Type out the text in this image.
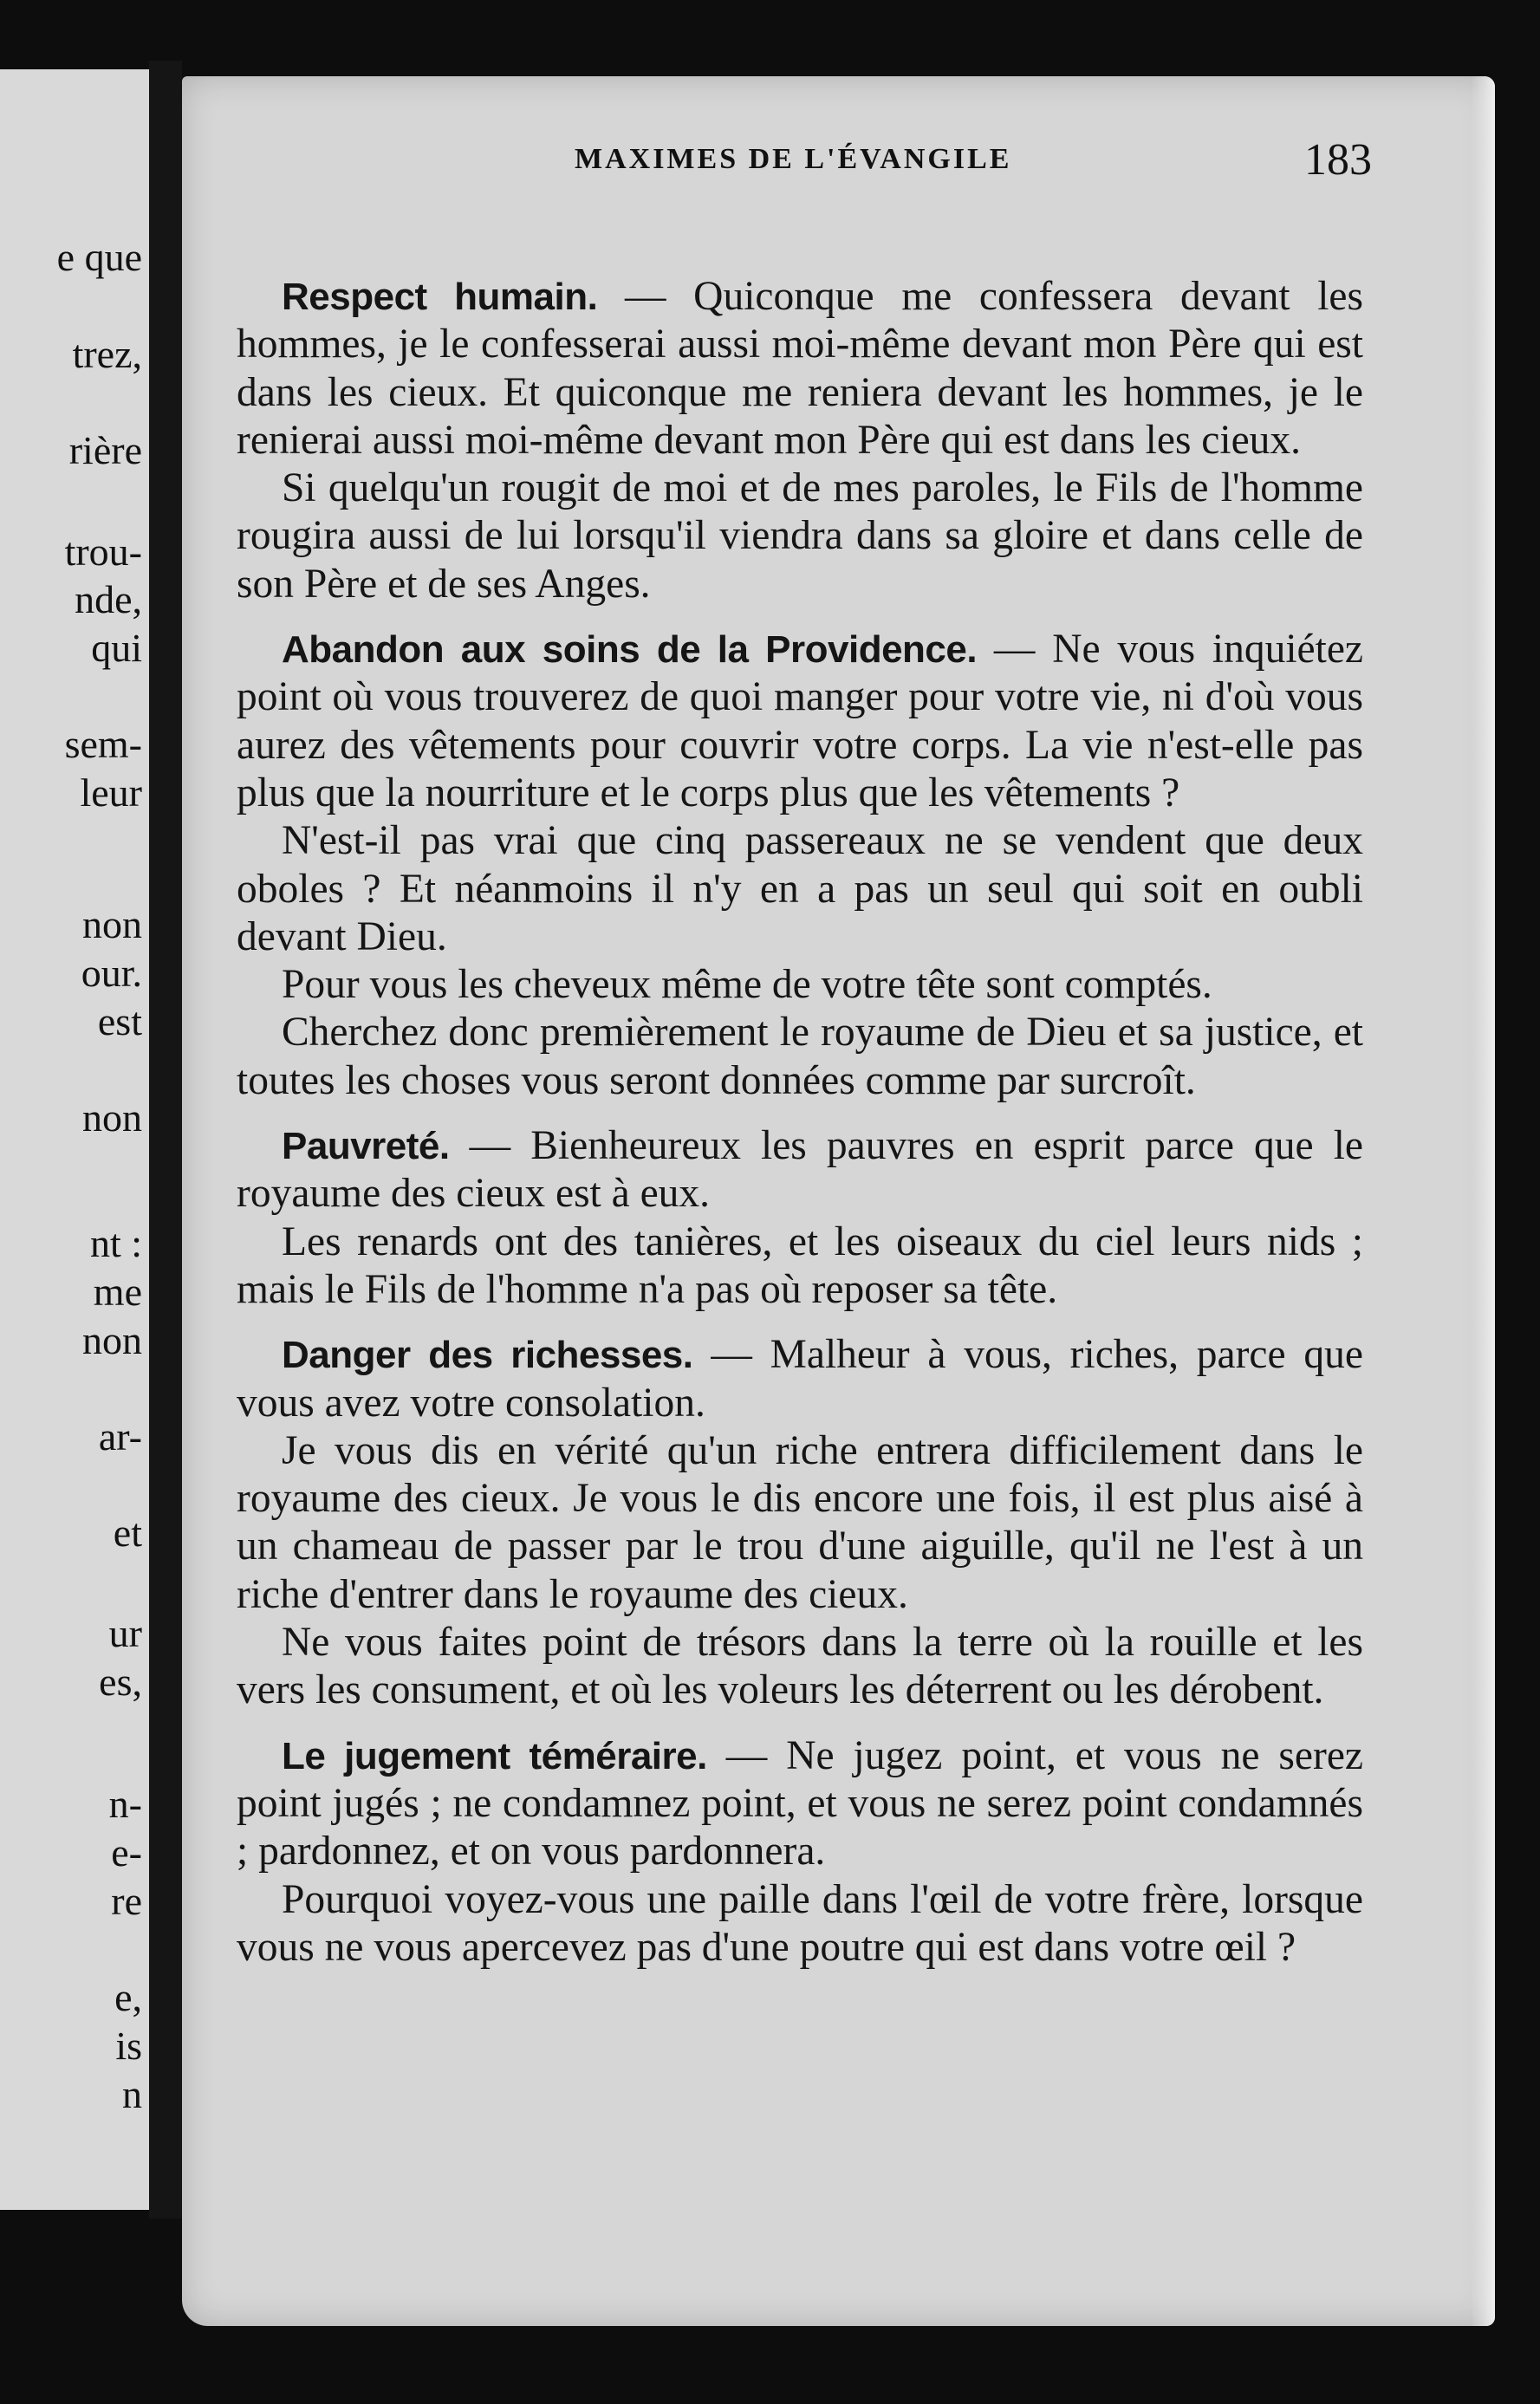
e que
trez,
rière
trou-
nde,
qui
sem-
leur
non
our.
est
non
nt :
me
non
ar-
et
ur
es,
n-
e-
re
e,
is
n
MAXIMES DE L'ÉVANGILE	183

Respect humain. — Quiconque me confessera devant les hommes, je le confesserai aussi moi-même devant mon Père qui est dans les cieux. Et quiconque me reniera devant les hommes, je le renierai aussi moi-même devant mon Père qui est dans les cieux.

Si quelqu'un rougit de moi et de mes paroles, le Fils de l'homme rougira aussi de lui lorsqu'il viendra dans sa gloire et dans celle de son Père et de ses Anges.

Abandon aux soins de la Providence. — Ne vous inquiétez point où vous trouverez de quoi manger pour votre vie, ni d'où vous aurez des vêtements pour couvrir votre corps. La vie n'est-elle pas plus que la nourriture et le corps plus que les vêtements ?

N'est-il pas vrai que cinq passereaux ne se vendent que deux oboles ? Et néanmoins il n'y en a pas un seul qui soit en oubli devant Dieu.

Pour vous les cheveux même de votre tête sont comptés.

Cherchez donc premièrement le royaume de Dieu et sa justice, et toutes les choses vous seront données comme par surcroît.

Pauvreté. — Bienheureux les pauvres en esprit parce que le royaume des cieux est à eux.

Les renards ont des tanières, et les oiseaux du ciel leurs nids ; mais le Fils de l'homme n'a pas où reposer sa tête.

Danger des richesses. — Malheur à vous, riches, parce que vous avez votre consolation.

Je vous dis en vérité qu'un riche entrera difficilement dans le royaume des cieux. Je vous le dis encore une fois, il est plus aisé à un chameau de passer par le trou d'une aiguille, qu'il ne l'est à un riche d'entrer dans le royaume des cieux.

Ne vous faites point de trésors dans la terre où la rouille et les vers les consument, et où les voleurs les déterrent ou les dérobent.

Le jugement téméraire. — Ne jugez point, et vous ne serez point jugés ; ne condamnez point, et vous ne serez point condamnés ; pardonnez, et on vous pardonnera.

Pourquoi voyez-vous une paille dans l'œil de votre frère, lorsque vous ne vous apercevez pas d'une poutre qui est dans votre œil ?
